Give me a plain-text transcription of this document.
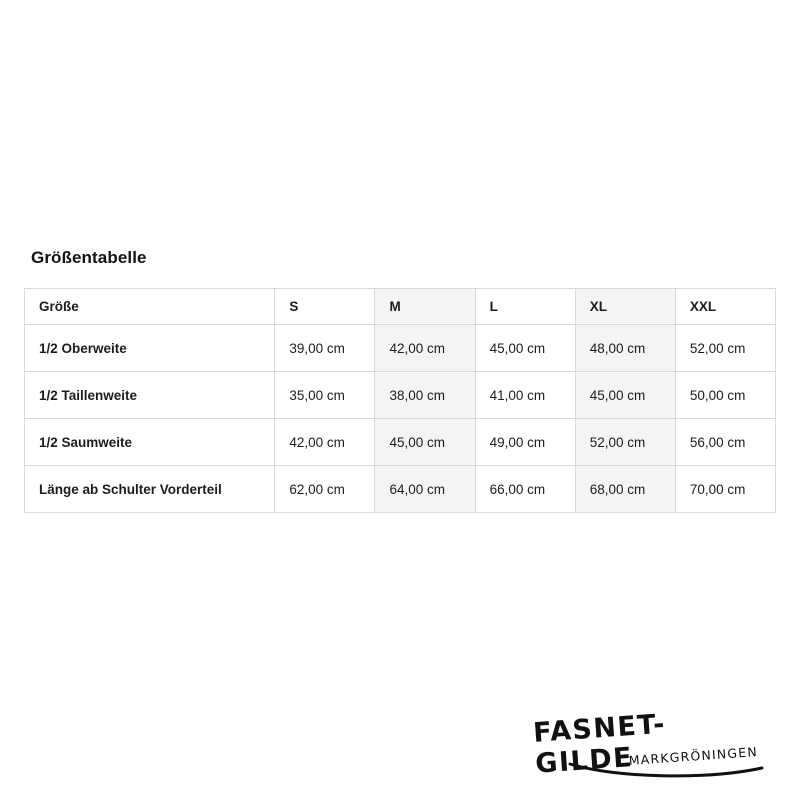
Größentabelle
Größe	S	M	L	XL	XXL
1/2 Oberweite	39,00 cm	42,00 cm	45,00 cm	48,00 cm	52,00 cm
1/2 Taillenweite	35,00 cm	38,00 cm	41,00 cm	45,00 cm	50,00 cm
1/2 Saumweite	42,00 cm	45,00 cm	49,00 cm	52,00 cm	56,00 cm
Länge ab Schulter Vorderteil	62,00 cm	64,00 cm	66,00 cm	68,00 cm	70,00 cm
FASNET-GILDE
MARKGRÖNINGEN
